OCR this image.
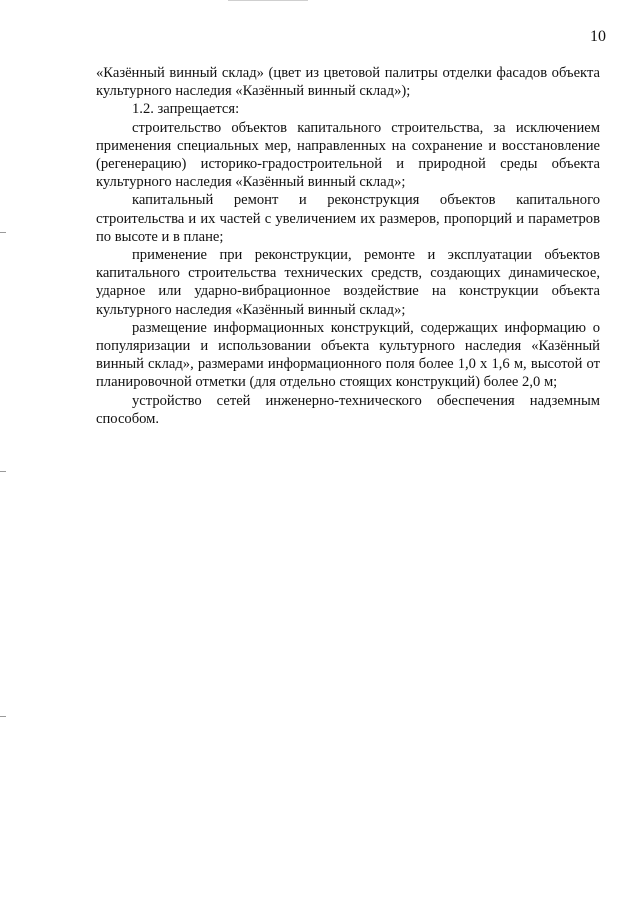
10

«Казённый винный склад» (цвет из цветовой палитры отделки фасадов объекта культурного наследия «Казённый винный склад»);

1.2. запрещается:

строительство объектов капитального строительства, за исключением применения специальных мер, направленных на сохранение и восстановление (регенерацию) историко-градостроительной и природной среды объекта культурного наследия «Казённый винный склад»;

капитальный ремонт и реконструкция объектов капитального строительства и их частей с увеличением их размеров, пропорций и параметров по высоте и в плане;

применение при реконструкции, ремонте и эксплуатации объектов капитального строительства технических средств, создающих динамическое, ударное или ударно-вибрационное воздействие на конструкции объекта культурного наследия «Казённый винный склад»;

размещение информационных конструкций, содержащих информацию о популяризации и использовании объекта культурного наследия «Казённый винный склад», размерами информационного поля более 1,0 х 1,6 м, высотой от планировочной отметки (для отдельно стоящих конструкций) более 2,0 м;

устройство сетей инженерно-технического обеспечения надземным способом.
